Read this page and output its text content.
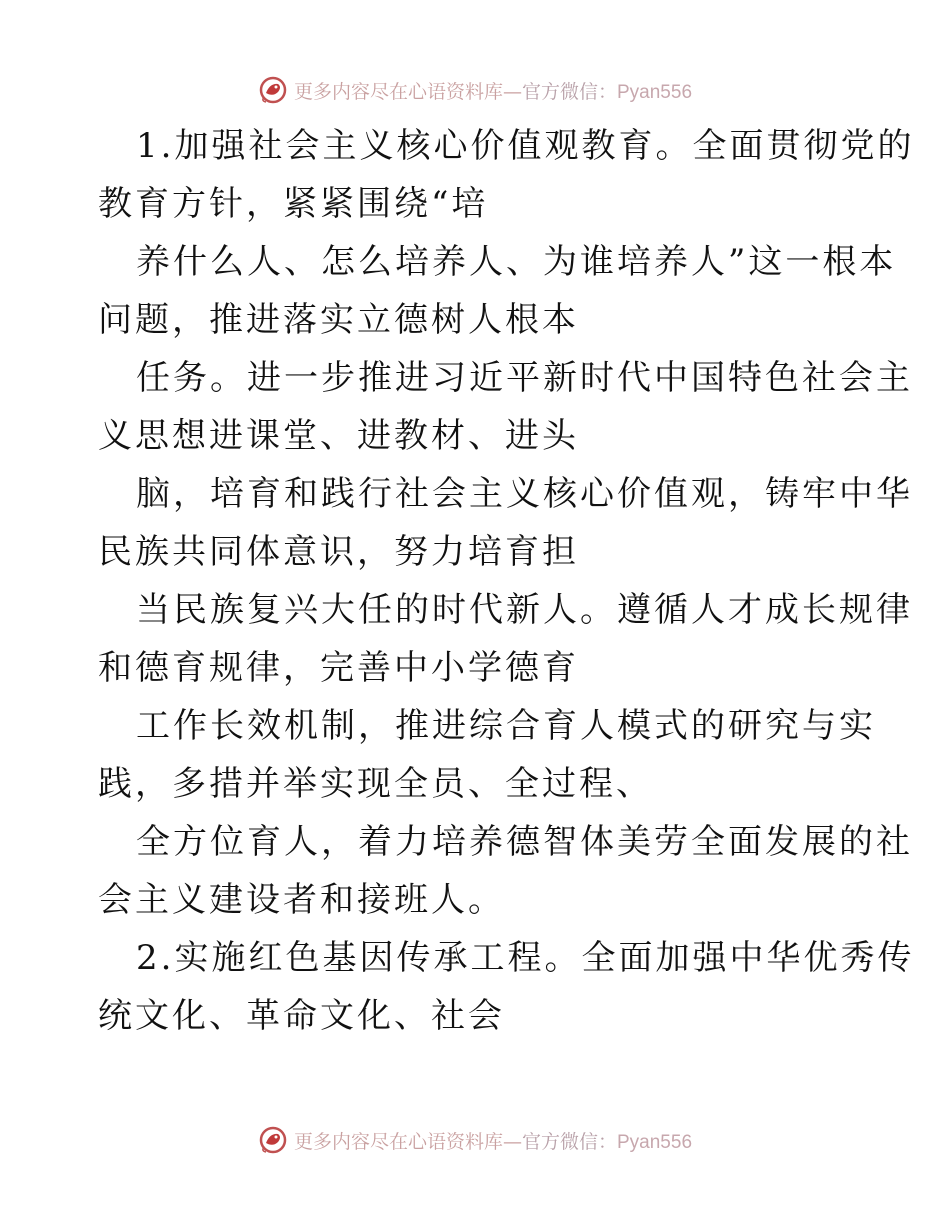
更多内容尽在心语资料库—官方微信：Pyan556
1.加强社会主义核心价值观教育。全面贯彻党的
教育方针，紧紧围绕“培
养什么人、怎么培养人、为谁培养人”这一根本
问题，推进落实立德树人根本
任务。进一步推进习近平新时代中国特色社会主
义思想进课堂、进教材、进头
脑，培育和践行社会主义核心价值观，铸牢中华
民族共同体意识，努力培育担
当民族复兴大任的时代新人。遵循人才成长规律
和德育规律，完善中小学德育
工作长效机制，推进综合育人模式的研究与实
践，多措并举实现全员、全过程、
全方位育人，着力培养德智体美劳全面发展的社
会主义建设者和接班人。
2.实施红色基因传承工程。全面加强中华优秀传
统文化、革命文化、社会
更多内容尽在心语资料库—官方微信：Pyan556
